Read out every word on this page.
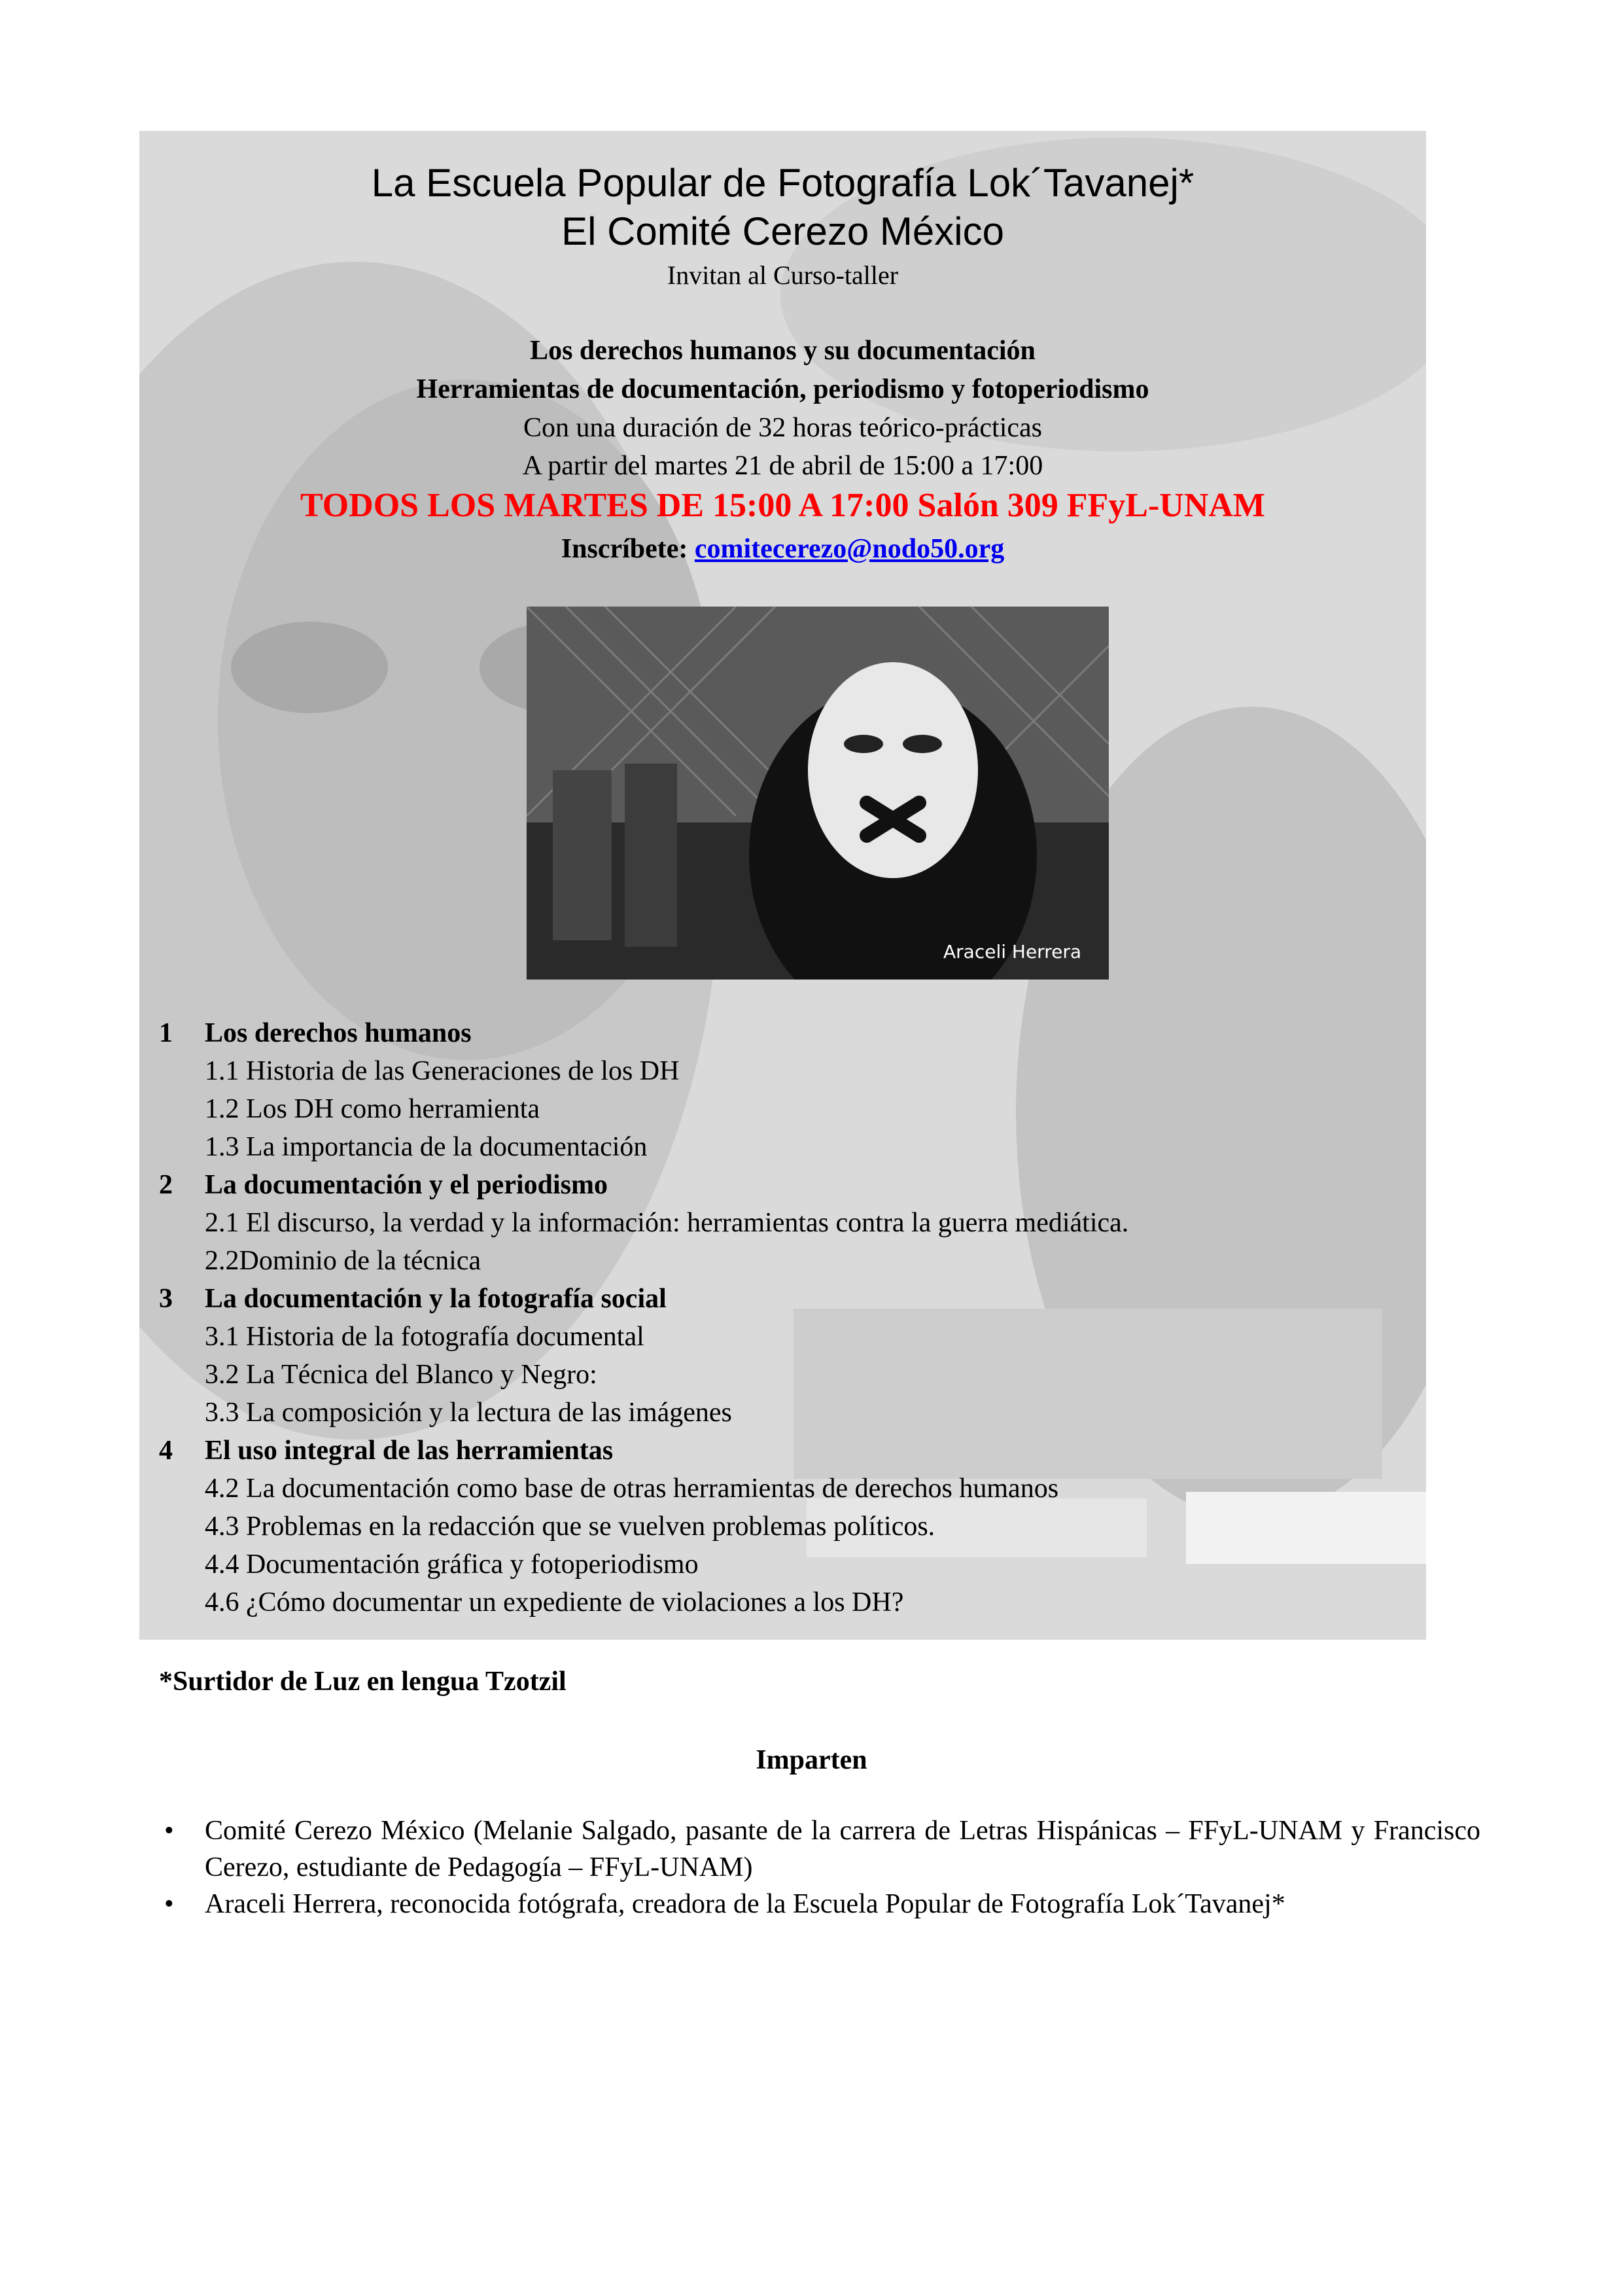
La Escuela Popular de Fotografía Lok´Tavanej*
El Comité Cerezo México
Invitan al Curso-taller
Los derechos humanos y su documentación
Herramientas de documentación, periodismo y fotoperiodismo
Con una duración de 32 horas teórico-prácticas
A partir del martes 21 de abril de 15:00 a 17:00
TODOS LOS MARTES DE 15:00 A 17:00 Salón 309 FFyL-UNAM
Inscríbete: comitecerezo@nodo50.org
Araceli Herrera
1 Los derechos humanos
1.1 Historia de las Generaciones de los DH
1.2 Los DH como herramienta
1.3 La importancia de la documentación
2 La documentación y el periodismo
2.1 El discurso, la verdad y la información: herramientas contra la guerra mediática.
2.2Dominio de la técnica
3 La documentación y la fotografía social
3.1 Historia de la fotografía documental
3.2 La Técnica del Blanco y Negro:
3.3 La composición y la lectura de las imágenes
4 El uso integral de las herramientas
4.2 La documentación como base de otras herramientas de derechos humanos
4.3 Problemas en la redacción que se vuelven problemas políticos.
4.4 Documentación gráfica y fotoperiodismo
4.6 ¿Cómo documentar un expediente de violaciones a los DH?
*Surtidor de Luz en lengua Tzotzil
Imparten
• Comité Cerezo México (Melanie Salgado, pasante de la carrera de Letras Hispánicas – FFyL-UNAM y Francisco Cerezo, estudiante de Pedagogía – FFyL-UNAM)
• Araceli Herrera, reconocida fotógrafa, creadora de la Escuela Popular de Fotografía Lok´Tavanej*
